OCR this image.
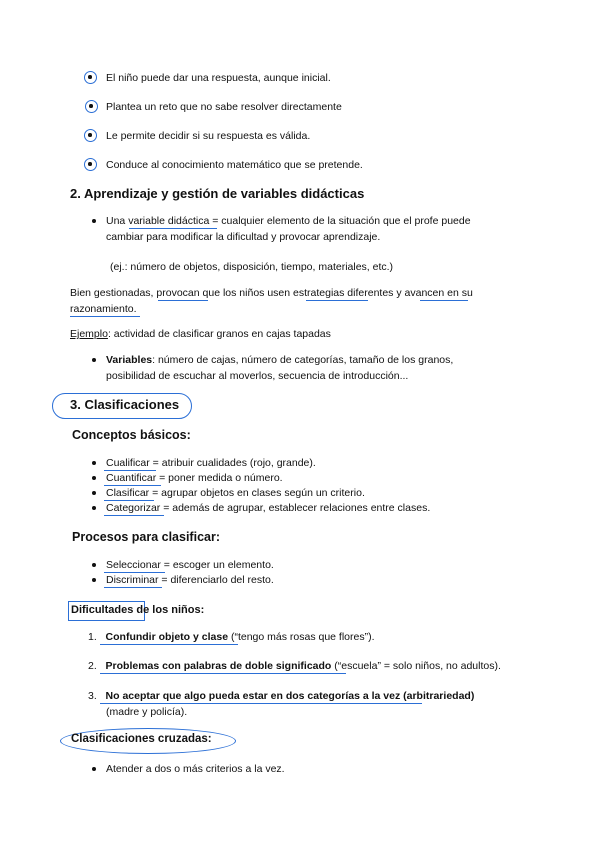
El niño puede dar una respuesta, aunque inicial.
Plantea un reto que no sabe resolver directamente
Le permite decidir si su respuesta es válida.
Conduce al conocimiento matemático que se pretende.
2. Aprendizaje y gestión de variables didácticas
Una variable didáctica = cualquier elemento de la situación que el profe puede
cambiar para modificar la dificultad y provocar aprendizaje.
(ej.: número de objetos, disposición, tiempo, materiales, etc.)
Bien gestionadas, provocan que los niños usen estrategias diferentes y avancen en su
razonamiento.
Ejemplo: actividad de clasificar granos en cajas tapadas
Variables: número de cajas, número de categorías, tamaño de los granos,
posibilidad de escuchar al moverlos, secuencia de introducción...
3. Clasificaciones
Conceptos básicos:
Cualificar = atribuir cualidades (rojo, grande).
Cuantificar = poner medida o número.
Clasificar = agrupar objetos en clases según un criterio.
Categorizar = además de agrupar, establecer relaciones entre clases.
Procesos para clasificar:
Seleccionar = escoger un elemento.
Discriminar = diferenciarlo del resto.
Dificultades de los niños:
1. Confundir objeto y clase (“tengo más rosas que flores”).
2. Problemas con palabras de doble significado (“escuela” = solo niños, no adultos).
3. No aceptar que algo pueda estar en dos categorías a la vez (arbitrariedad)
(madre y policía).
Clasificaciones cruzadas:
Atender a dos o más criterios a la vez.
